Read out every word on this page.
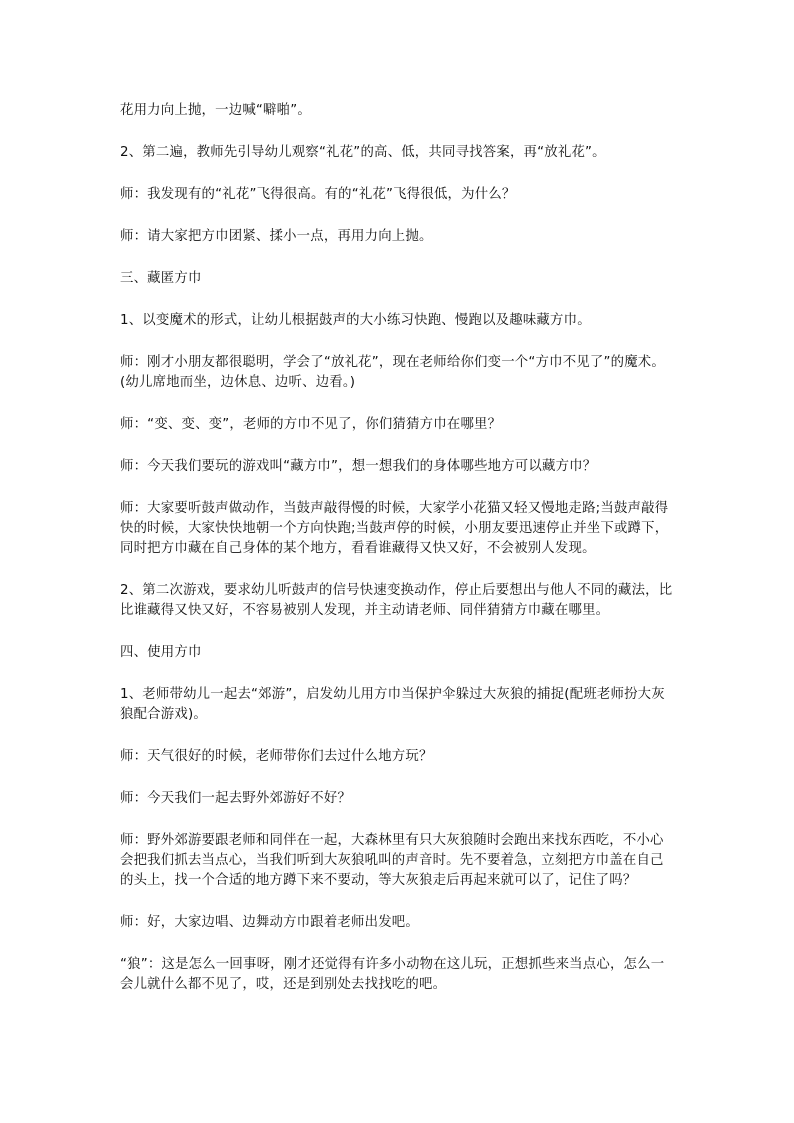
花用力向上抛，一边喊“噼啪”。

2、第二遍，教师先引导幼儿观察“礼花”的高、低，共同寻找答案，再“放礼花”。

师：我发现有的“礼花”飞得很高。有的“礼花”飞得很低，为什么？

师：请大家把方巾团紧、揉小一点，再用力向上抛。

三、藏匿方巾

1、以变魔术的形式，让幼儿根据鼓声的大小练习快跑、慢跑以及趣味藏方巾。

师：刚才小朋友都很聪明，学会了“放礼花”，现在老师给你们变一个“方巾不见了”的魔术。(幼儿席地而坐，边休息、边听、边看。)

师：“变、变、变”，老师的方巾不见了，你们猜猜方巾在哪里？

师：今天我们要玩的游戏叫“藏方巾”，想一想我们的身体哪些地方可以藏方巾？

师：大家要听鼓声做动作，当鼓声敲得慢的时候，大家学小花猫又轻又慢地走路;当鼓声敲得快的时候，大家快快地朝一个方向快跑;当鼓声停的时候，小朋友要迅速停止并坐下或蹲下，同时把方巾藏在自己身体的某个地方，看看谁藏得又快又好，不会被别人发现。

2、第二次游戏，要求幼儿听鼓声的信号快速变换动作，停止后要想出与他人不同的藏法，比比谁藏得又快又好，不容易被别人发现，并主动请老师、同伴猜猜方巾藏在哪里。

四、使用方巾

1、老师带幼儿一起去“郊游”，启发幼儿用方巾当保护伞躲过大灰狼的捕捉(配班老师扮大灰狼配合游戏)。

师：天气很好的时候，老师带你们去过什么地方玩？

师：今天我们一起去野外郊游好不好？

师：野外郊游要跟老师和同伴在一起，大森林里有只大灰狼随时会跑出来找东西吃，不小心会把我们抓去当点心，当我们听到大灰狼吼叫的声音时。先不要着急，立刻把方巾盖在自己的头上，找一个合适的地方蹲下来不要动，等大灰狼走后再起来就可以了，记住了吗？

师：好，大家边唱、边舞动方巾跟着老师出发吧。

“狼”：这是怎么一回事呀，刚才还觉得有许多小动物在这儿玩，正想抓些来当点心，怎么一会儿就什么都不见了，哎，还是到别处去找找吃的吧。
